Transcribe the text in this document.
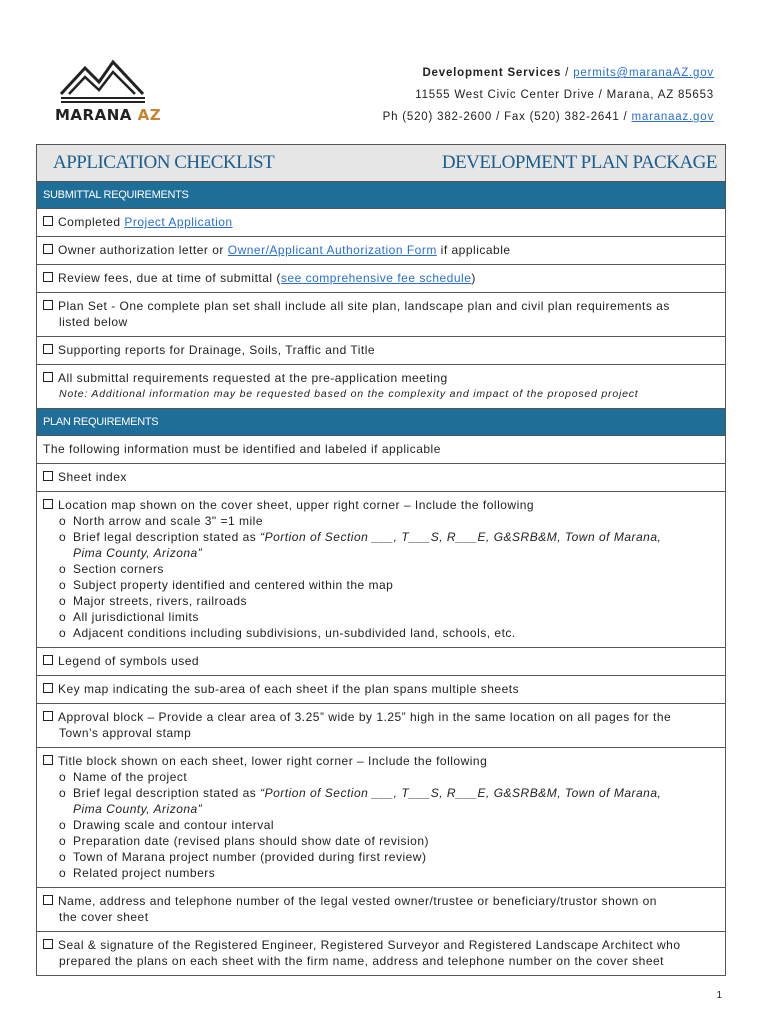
MARANA AZ
Development Services / permits@maranaAZ.gov
11555 West Civic Center Drive / Marana, AZ 85653
Ph (520) 382-2600 / Fax (520) 382-2641 / maranaaz.gov
APPLICATION CHECKLIST	DEVELOPMENT PLAN PACKAGE
SUBMITTAL REQUIREMENTS
Completed Project Application
Owner authorization letter or Owner/Applicant Authorization Form if applicable
Review fees, due at time of submittal (see comprehensive fee schedule)
Plan Set - One complete plan set shall include all site plan, landscape plan and civil plan requirements as
listed below
Supporting reports for Drainage, Soils, Traffic and Title
All submittal requirements requested at the pre-application meeting
Note: Additional information may be requested based on the complexity and impact of the proposed project
PLAN REQUIREMENTS
The following information must be identified and labeled if applicable
Sheet index
Location map shown on the cover sheet, upper right corner – Include the following
o North arrow and scale 3" =1 mile
o Brief legal description stated as “Portion of Section ___, T___S, R___E, G&SRB&M, Town of Marana,
Pima County, Arizona”
o Section corners
o Subject property identified and centered within the map
o Major streets, rivers, railroads
o All jurisdictional limits
o Adjacent conditions including subdivisions, un-subdivided land, schools, etc.
Legend of symbols used
Key map indicating the sub-area of each sheet if the plan spans multiple sheets
Approval block – Provide a clear area of 3.25” wide by 1.25” high in the same location on all pages for the
Town’s approval stamp
Title block shown on each sheet, lower right corner – Include the following
o Name of the project
o Brief legal description stated as “Portion of Section ___, T___S, R___E, G&SRB&M, Town of Marana,
Pima County, Arizona”
o Drawing scale and contour interval
o Preparation date (revised plans should show date of revision)
o Town of Marana project number (provided during first review)
o Related project numbers
Name, address and telephone number of the legal vested owner/trustee or beneficiary/trustor shown on
the cover sheet
Seal & signature of the Registered Engineer, Registered Surveyor and Registered Landscape Architect who
prepared the plans on each sheet with the firm name, address and telephone number on the cover sheet
1
